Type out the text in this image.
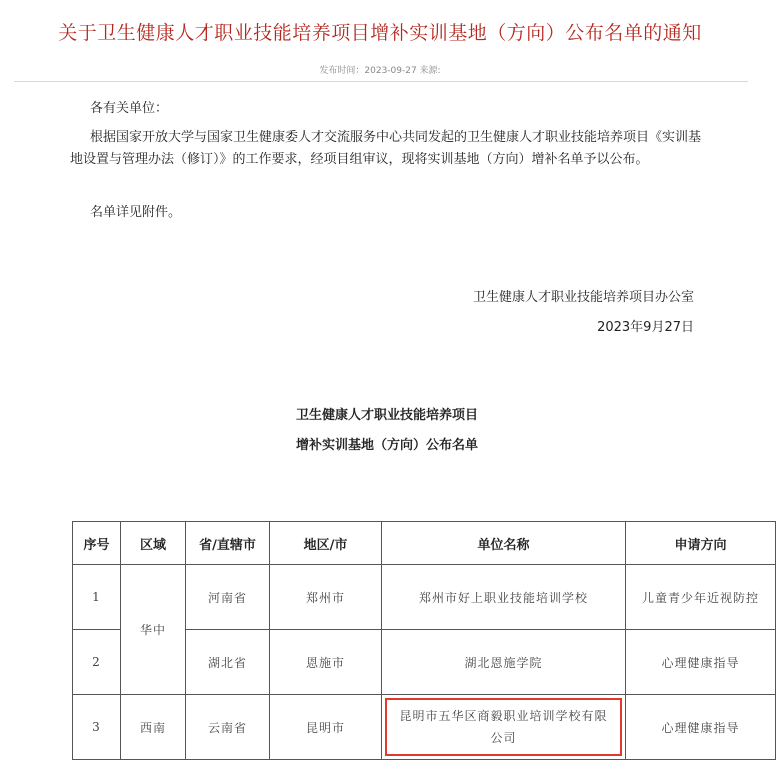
关于卫生健康人才职业技能培养项目增补实训基地（方向）公布名单的通知
发布时间：2023-09-27 来源:
各有关单位：
根据国家开放大学与国家卫生健康委人才交流服务中心共同发起的卫生健康人才职业技能培养项目《实训基地设置与管理办法（修订）》的工作要求，经项目组审议，现将实训基地（方向）增补名单予以公布。
名单详见附件。
卫生健康人才职业技能培养项目办公室
2023年9月27日
卫生健康人才职业技能培养项目
增补实训基地（方向）公布名单
序号	区域	省/直辖市	地区/市	单位名称	申请方向
1	华中	河南省	郑州市	郑州市好上职业技能培训学校	儿童青少年近视防控
2		湖北省	恩施市	湖北恩施学院	心理健康指导
3	西南	云南省	昆明市	昆明市五华区商毅职业培训学校有限公司	心理健康指导
